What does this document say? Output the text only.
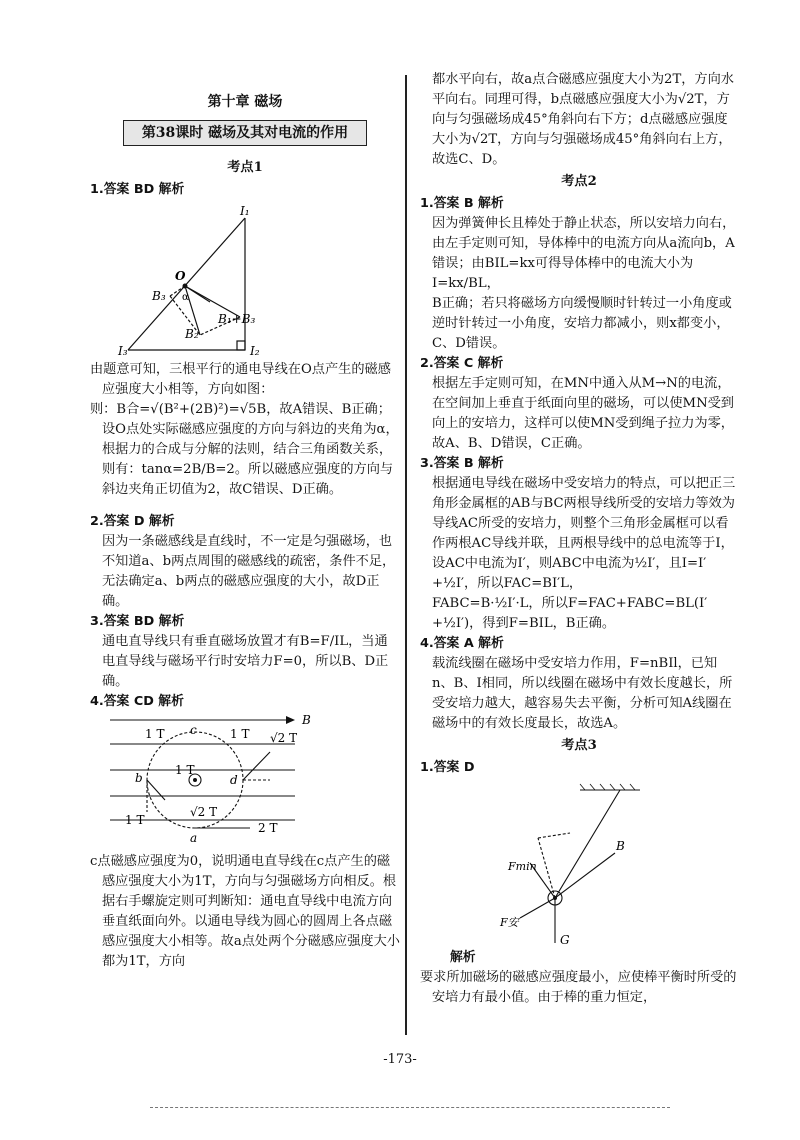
第十章 磁场
第38课时 磁场及其对电流的作用
考点1
1.答案 BD 解析
I₁
I₂
I₃
O
α
B₃
B₂
B₁+B₃

由题意可知，三根平行的通电导线在O点产生的磁感应强度大小相等，方向如图：

则：B合=√(B²+(2B)²)=√5B，故A错误、B正确；设O点处实际磁感应强度的方向与斜边的夹角为α，根据力的合成与分解的法则，结合三角函数关系，则有：tanα=2B/B=2。所以磁感应强度的方向与斜边夹角正切值为2，故C错误、D正确。

2.答案 D 解析

因为一条磁感线是直线时，不一定是匀强磁场，也不知道a、b两点周围的磁感线的疏密，条件不足，无法确定a、b两点的磁感应强度的大小，故D正确。

3.答案 BD 解析

通电直导线只有垂直磁场放置才有B=F/IL，当通电直导线与磁场平行时安培力F=0，所以B、D正确。

4.答案 CD 解析
B
1 T c	1 T √2 T
b
1 T
d
1 T
√2 T
a
2 T

c点磁感应强度为0，说明通电直导线在c点产生的磁感应强度大小为1T，方向与匀强磁场方向相反。根据右手螺旋定则可判断知：通电直导线中电流方向垂直纸面向外。以通电导线为圆心的圆周上各点磁感应强度大小相等。故a点处两个分磁感应强度大小都为1T，方向

都水平向右，故a点合磁感应强度大小为2T，方向水平向右。同理可得，b点磁感应强度大小为√2T，方向与匀强磁场成45°角斜向右下方；d点磁感应强度大小为√2T，方向与匀强磁场成45°角斜向右上方，故选C、D。

考点2
1.答案 B 解析

因为弹簧伸长且棒处于静止状态，所以安培力向右，由左手定则可知，导体棒中的电流方向从a流向b，A错误；由BIL=kx可得导体棒中的电流大小为I=kx/BL，

B正确；若只将磁场方向缓慢顺时针转过一小角度或逆时针转过一小角度，安培力都减小，则x都变小，C、D错误。

2.答案 C 解析

根据左手定则可知，在MN中通入从M→N的电流，在空间加上垂直于纸面向里的磁场，可以使MN受到向上的安培力，这样可以使MN受到绳子拉力为零，故A、B、D错误，C正确。

3.答案 B 解析

根据通电导线在磁场中受安培力的特点，可以把正三角形金属框的AB与BC两根导线所受的安培力等效为导线AC所受的安培力，则整个三角形金属框可以看作两根AC导线并联，且两根导线中的总电流等于I，设AC中电流为I′，则ABC中电流为½I′，且I=I′+½I′，所以FAC=BI′L，

FABC=B·½I′·L，所以F=FAC+FABC=BL(I′+½I′)，得到F=BIL，B正确。

4.答案 A 解析

载流线圈在磁场中受安培力作用，F=nBIl，已知n、B、I相同，所以线圈在磁场中有效长度越长，所受安培力越大，越容易失去平衡，分析可知A线圈在磁场中的有效长度最长，故选A。

考点3
1.答案 D
B
Fmin
F安
G
解析

要求所加磁场的磁感应强度最小，应使棒平衡时所受的安培力有最小值。由于棒的重力恒定，

-173-
